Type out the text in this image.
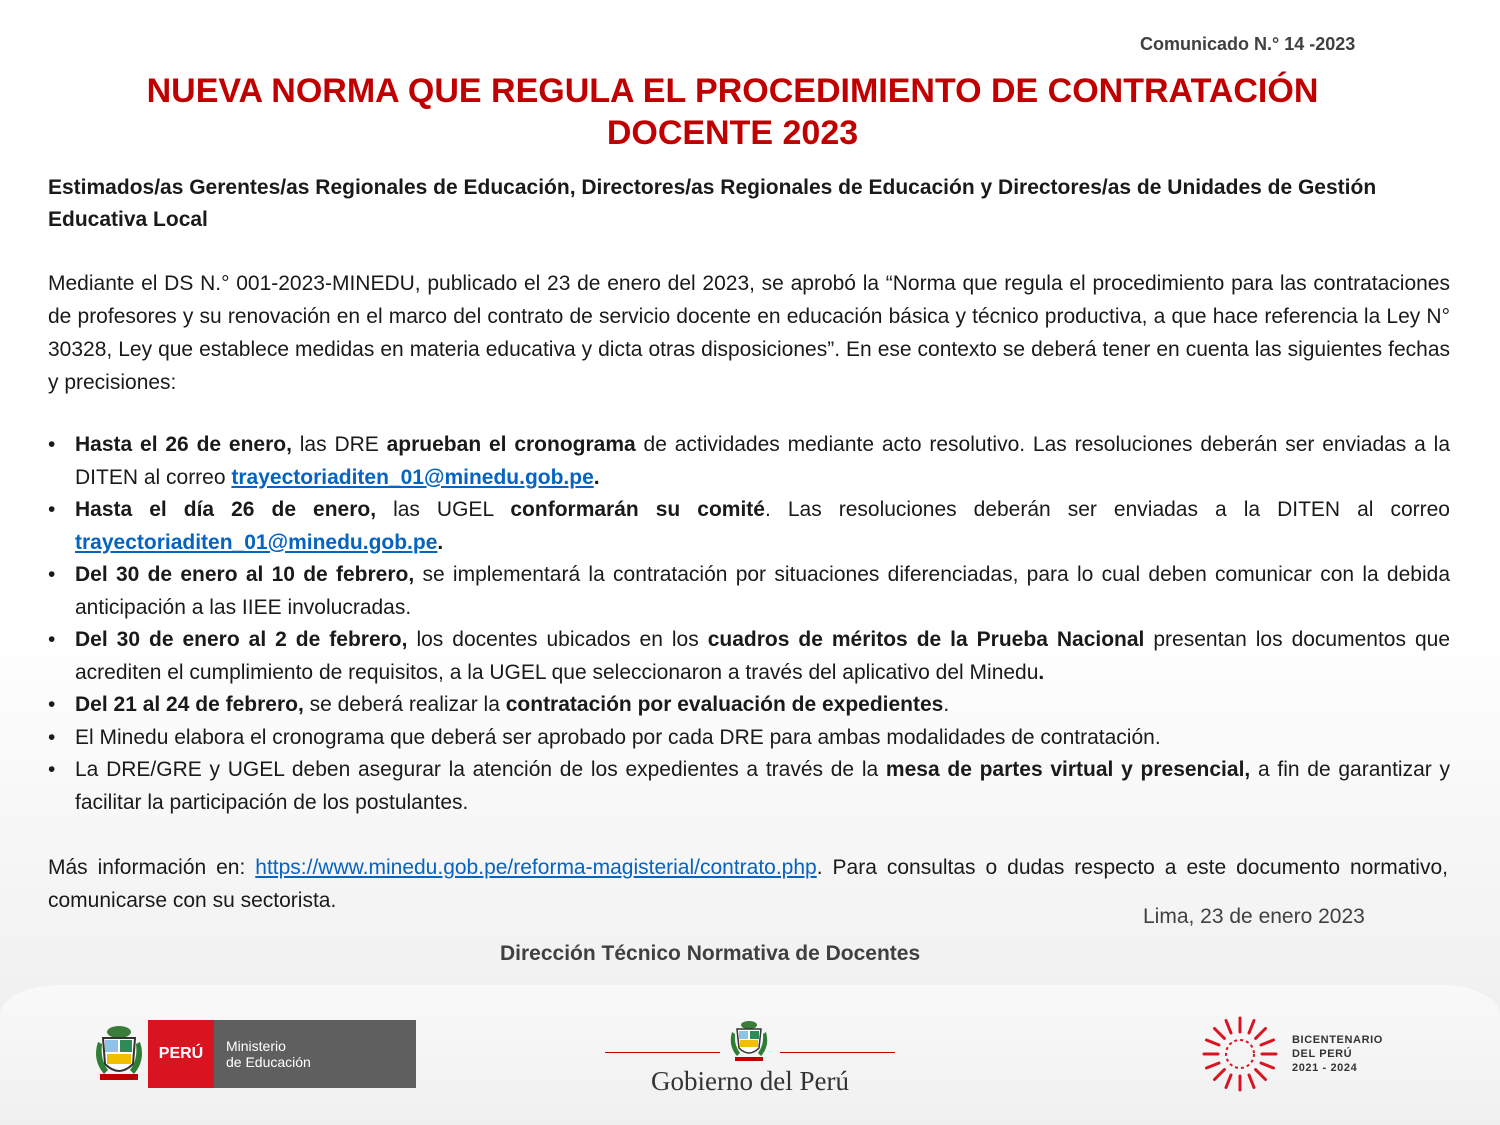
Comunicado N.° 14 -2023
NUEVA NORMA QUE REGULA EL PROCEDIMIENTO DE CONTRATACIÓN
DOCENTE 2023
Estimados/as Gerentes/as Regionales de Educación, Directores/as Regionales de Educación y Directores/as de Unidades de Gestión Educativa Local

Mediante el DS N.° 001-2023-MINEDU, publicado el 23 de enero del 2023, se aprobó la “Norma que regula el procedimiento para las contrataciones de profesores y su renovación en el marco del contrato de servicio docente en educación básica y técnico productiva, a que hace referencia la Ley N° 30328, Ley que establece medidas en materia educativa y dicta otras disposiciones”. En ese contexto se deberá tener en cuenta las siguientes fechas y precisiones:

• Hasta el 26 de enero, las DRE aprueban el cronograma de actividades mediante acto resolutivo. Las resoluciones deberán ser enviadas a la DITEN al correo trayectoriaditen_01@minedu.gob.pe.
• Hasta el día 26 de enero, las UGEL conformarán su comité. Las resoluciones deberán ser enviadas a la DITEN al correo trayectoriaditen_01@minedu.gob.pe.
• Del 30 de enero al 10 de febrero, se implementará la contratación por situaciones diferenciadas, para lo cual deben comunicar con la debida anticipación a las IIEE involucradas.
• Del 30 de enero al 2 de febrero, los docentes ubicados en los cuadros de méritos de la Prueba Nacional presentan los documentos que acrediten el cumplimiento de requisitos, a la UGEL que seleccionaron a través del aplicativo del Minedu.
• Del 21 al 24 de febrero, se deberá realizar la contratación por evaluación de expedientes.
• El Minedu elabora el cronograma que deberá ser aprobado por cada DRE para ambas modalidades de contratación.
• La DRE/GRE y UGEL deben asegurar la atención de los expedientes a través de la mesa de partes virtual y presencial, a fin de garantizar y facilitar la participación de los postulantes.

Más información en: https://www.minedu.gob.pe/reforma-magisterial/contrato.php. Para consultas o dudas respecto a este documento normativo, comunicarse con su sectorista.

Lima, 23 de enero 2023
Dirección Técnico Normativa de Docentes
PERÚ	Ministerio
de Educación
Gobierno del Perú
BICENTENARIO
DEL PERÚ
2021 - 2024
